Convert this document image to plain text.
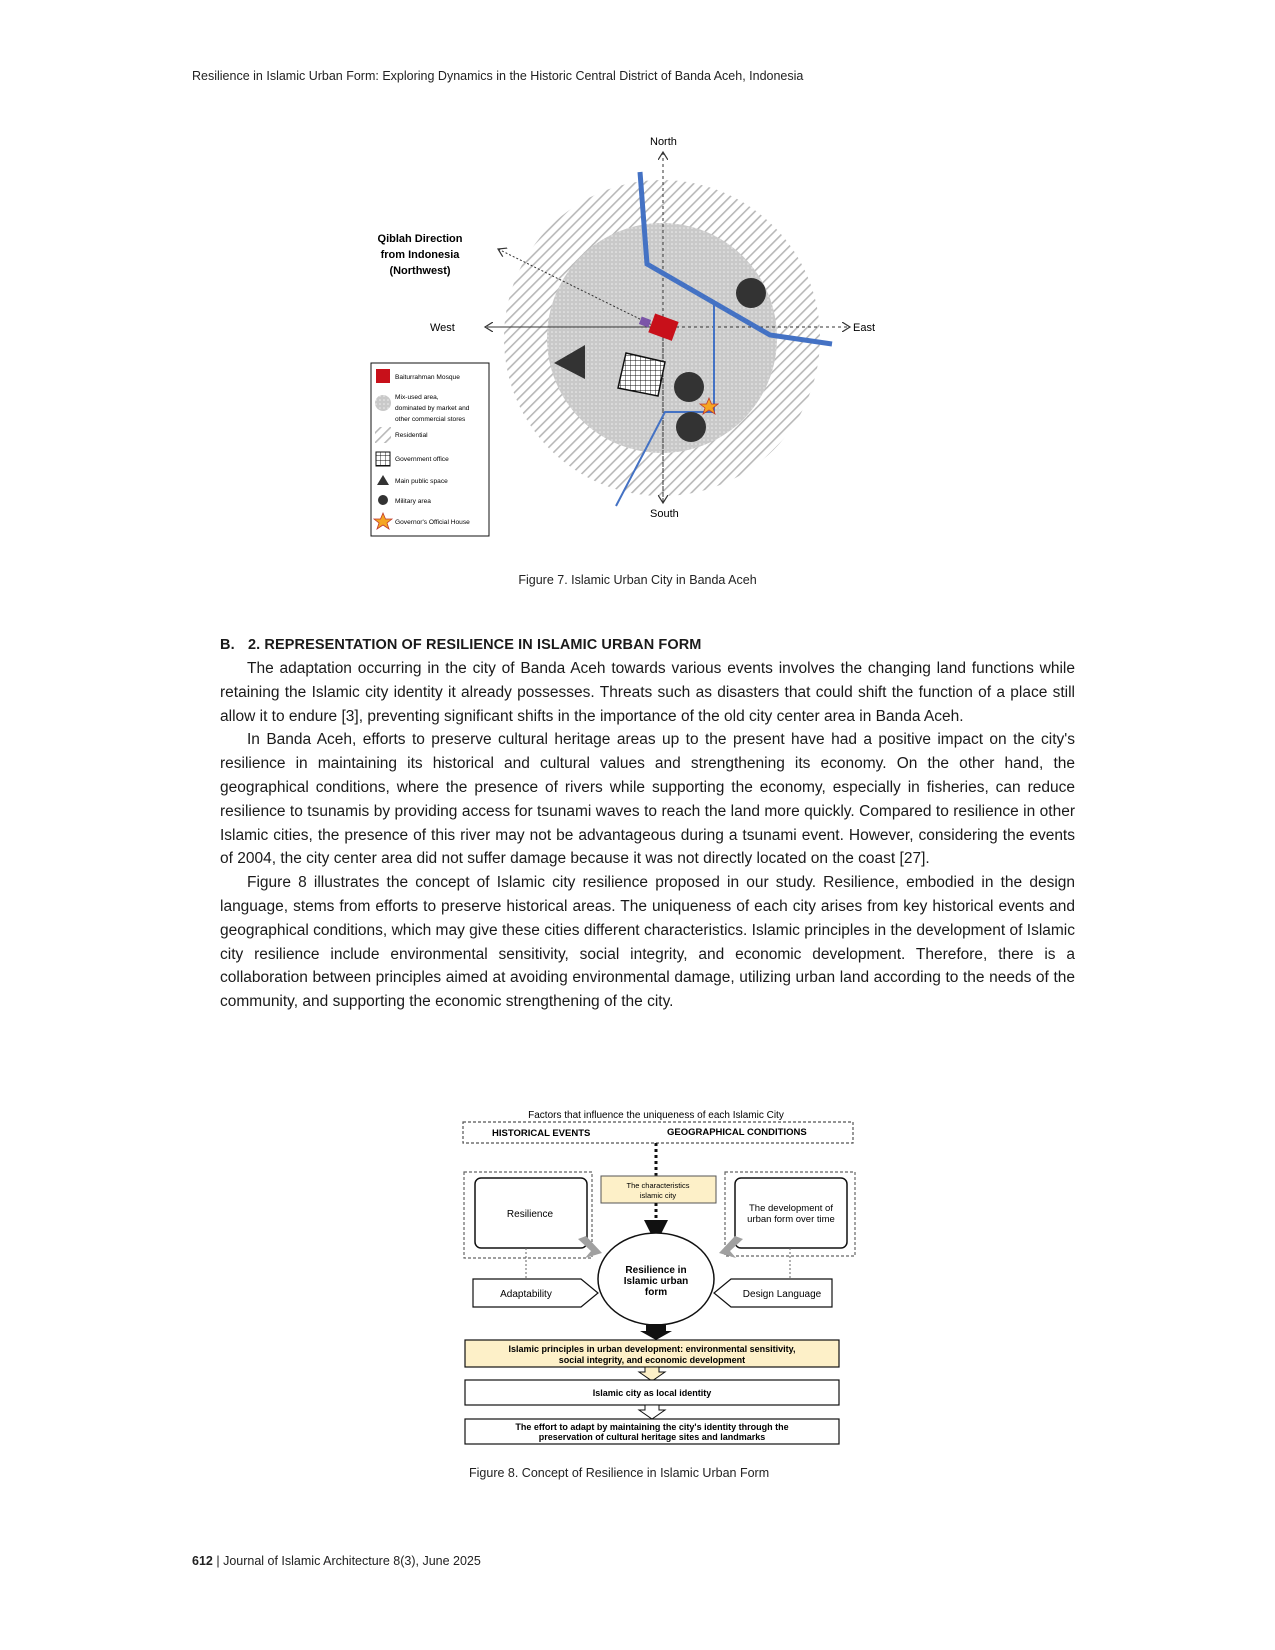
Resilience in Islamic Urban Form: Exploring Dynamics in the Historic Central District of Banda Aceh, Indonesia
North
South
East
West
Qiblah Direction
from Indonesia
(Northwest)
Baiturrahman Mosque
Mix-used area,
dominated by market and
other commercial stores
Residential
Government office
Main public space
Military area
Governor's Official House
Figure 7. Islamic Urban City in Banda Aceh
B. 2. REPRESENTATION OF RESILIENCE IN ISLAMIC URBAN FORM

The adaptation occurring in the city of Banda Aceh towards various events involves the changing land functions while retaining the Islamic city identity it already possesses. Threats such as disasters that could shift the function of a place still allow it to endure [3], preventing significant shifts in the importance of the old city center area in Banda Aceh.

In Banda Aceh, efforts to preserve cultural heritage areas up to the present have had a positive impact on the city's resilience in maintaining its historical and cultural values and strengthening its economy. On the other hand, the geographical conditions, where the presence of rivers while supporting the economy, especially in fisheries, can reduce resilience to tsunamis by providing access for tsunami waves to reach the land more quickly. Compared to resilience in other Islamic cities, the presence of this river may not be advantageous during a tsunami event. However, considering the events of 2004, the city center area did not suffer damage because it was not directly located on the coast [27].

Figure 8 illustrates the concept of Islamic city resilience proposed in our study. Resilience, embodied in the design language, stems from efforts to preserve historical areas. The uniqueness of each city arises from key historical events and geographical conditions, which may give these cities different characteristics. Islamic principles in the development of Islamic city resilience include environmental sensitivity, social integrity, and economic development. Therefore, there is a collaboration between principles aimed at avoiding environmental damage, utilizing urban land according to the needs of the community, and supporting the economic strengthening of the city.

Factors that influence the uniqueness of each Islamic City
HISTORICAL EVENTS	GEOGRAPHICAL CONDITIONS
The characteristics
islamic city
Resilience
The development of
urban form over time
Resilience in
Islamic urban
form
Adaptability	Design Language
Islamic principles in urban development: environmental sensitivity,
social integrity, and economic development
Islamic city as local identity
The effort to adapt by maintaining the city's identity through the
preservation of cultural heritage sites and landmarks
Figure 8. Concept of Resilience in Islamic Urban Form
612 | Journal of Islamic Architecture 8(3), June 2025
